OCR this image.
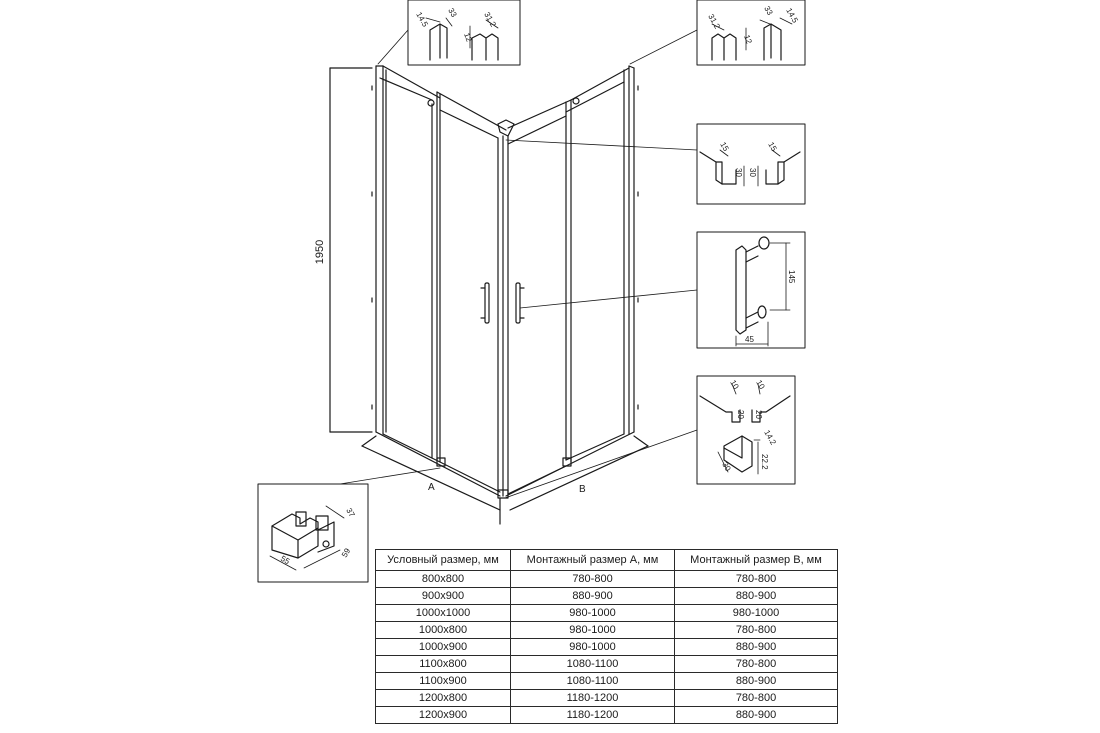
1950
A	B
14.5 33
12
31.2	31.2
12
33 14.5
15
30
15
30
145
45
10
20
10
20
14.2
30	22.2
37
55
59
Условный размер, мм	Монтажный размер А, мм	Монтажный размер В, мм
800x800	780-800	780-800
900x900	880-900	880-900
1000x1000	980-1000	980-1000
1000x800	980-1000	780-800
1000x900	980-1000	880-900
1100x800	1080-1100	780-800
1100x900	1080-1100	880-900
1200x800	1180-1200	780-800
1200x900	1180-1200	880-900
